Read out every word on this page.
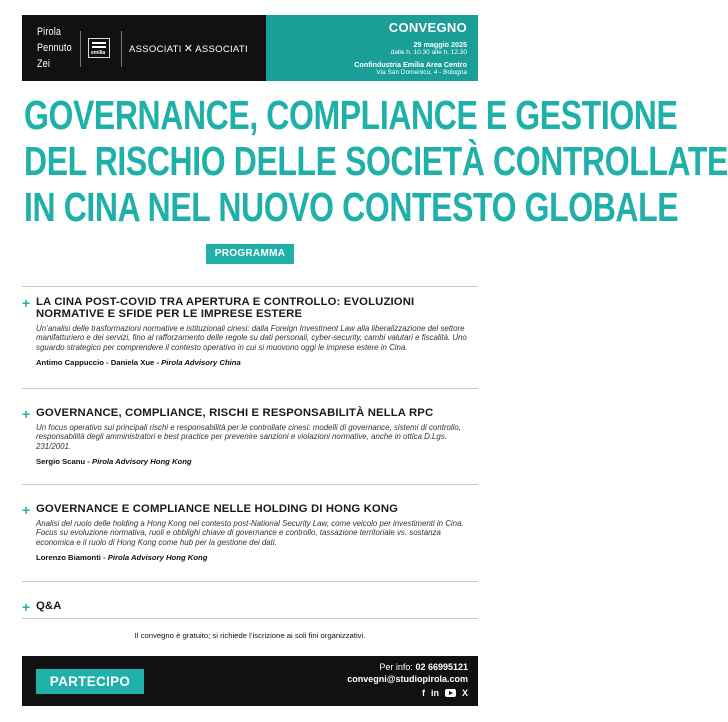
Pirola
Pennuto
Zei
emilia	ASSOCIATI ✕ ASSOCIATI
CONVEGNO
29 maggio 2025
dalle h. 10.30 alle h. 12.30
Confindustria Emilia Area Centro
Via San Domenico, 4 - Bologna
GOVERNANCE, COMPLIANCE E GESTIONE
DEL RISCHIO DELLE SOCIETÀ CONTROLLATE
IN CINA NEL NUOVO CONTESTO GLOBALE
PROGRAMMA
+ LA CINA POST-COVID TRA APERTURA E CONTROLLO: EVOLUZIONI NORMATIVE E SFIDE PER LE IMPRESE ESTERE
Un’analisi delle trasformazioni normative e istituzionali cinesi: dalla Foreign Investment Law alla liberalizzazione del settore manifatturiero e dei servizi, fino al rafforzamento delle regole su dati personali, cyber-security, cambi valutari e fiscalità. Uno sguardo strategico per comprendere il contesto operativo in cui si muovono oggi le imprese estere in Cina.
Antimo Cappuccio - Daniela Xue - Pirola Advisory China
+ GOVERNANCE, COMPLIANCE, RISCHI E RESPONSABILITÀ NELLA RPC
Un focus operativo sui principali rischi e responsabilità per le controllate cinesi: modelli di governance, sistemi di controllo, responsabilità degli amministratori e best practice per prevenire sanzioni e violazioni normative, anche in ottica D.Lgs. 231/2001.
Sergio Scanu - Pirola Advisory Hong Kong
+ GOVERNANCE E COMPLIANCE NELLE HOLDING DI HONG KONG
Analisi del ruolo delle holding a Hong Kong nel contesto post-National Security Law, come veicolo per investimenti in Cina. Focus su evoluzione normativa, ruoli e obblighi chiave di governance e controllo, tassazione territoriale vs. sostanza economica e il ruolo di Hong Kong come hub per la gestione dei dati.
Lorenzo Biamonti - Pirola Advisory Hong Kong
+ Q&A
Il convegno è gratuito; si richiede l’iscrizione ai soli fini organizzativi.
PARTECIPO
Per info: 02 66995121
convegni@studiopirola.com
f in	X
